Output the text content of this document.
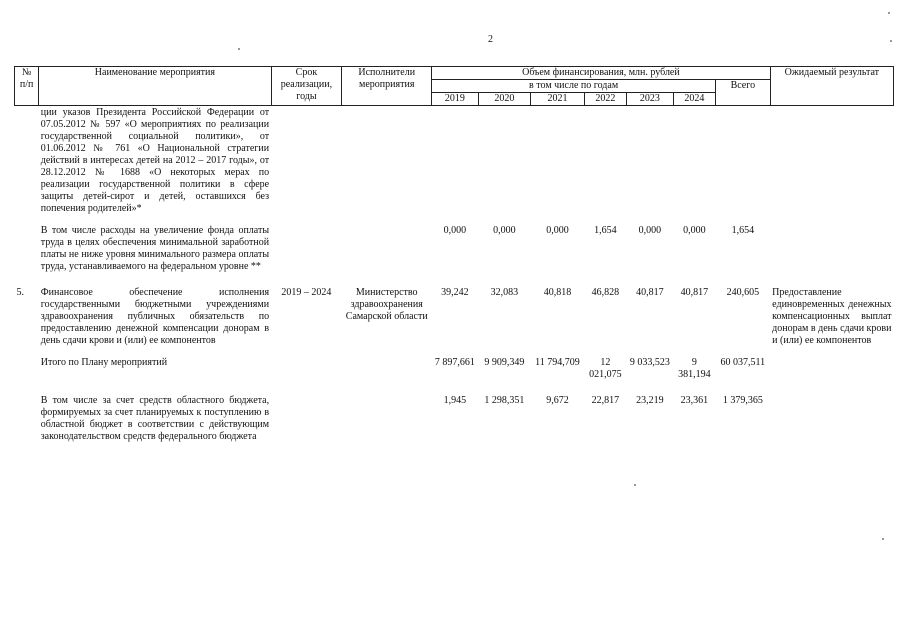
2
№ п/п	Наименование мероприятия	Срок реализации, годы	Исполнители мероприятия	Объем финансирования, млн. рублей							Ожидаемый результат
				в том числе по годам						Всего	
				2019	2020	2021	2022	2023	2024		
	ции указов Президента Российской Федерации от 07.05.2012 № 597 «О мероприятиях по реализации государственной социальной политики», от 01.06.2012 № 761 «О Национальной стратегии действий в интересах детей на 2012 – 2017 годы», от 28.12.2012 № 1688 «О некоторых мерах по реализации государственной политики в сфере защиты детей-сирот и детей, оставшихся без попечения родителей»*										
	В том числе расходы на увеличение фонда оплаты труда в целях обеспечения минимальной заработной платы не ниже уровня минимального размера оплаты труда, устанавливаемого на федеральном уровне **			0,000	0,000	0,000	1,654	0,000	0,000	1,654	
5.	Финансовое обеспечение исполнения государственными бюджетными учреждениями здравоохранения публичных обязательств по предоставлению денежной компенсации донорам в день сдачи крови и (или) ее компонентов	2019 – 2024	Министерство здравоохранения Самарской области	39,242	32,083	40,818	46,828	40,817	40,817	240,605	Предоставление единовременных денежных компенсационных выплат донорам в день сдачи крови и (или) ее компонентов
	Итого по Плану мероприятий			7 897,661	9 909,349	11 794,709	12 021,075	9 033,523	9 381,194	60 037,511	
	В том числе за счет средств областного бюджета, формируемых за счет планируемых к поступлению в областной бюджет в соответствии с действующим законодательством средств федерального бюджета			1,945	1 298,351	9,672	22,817	23,219	23,361	1 379,365	
